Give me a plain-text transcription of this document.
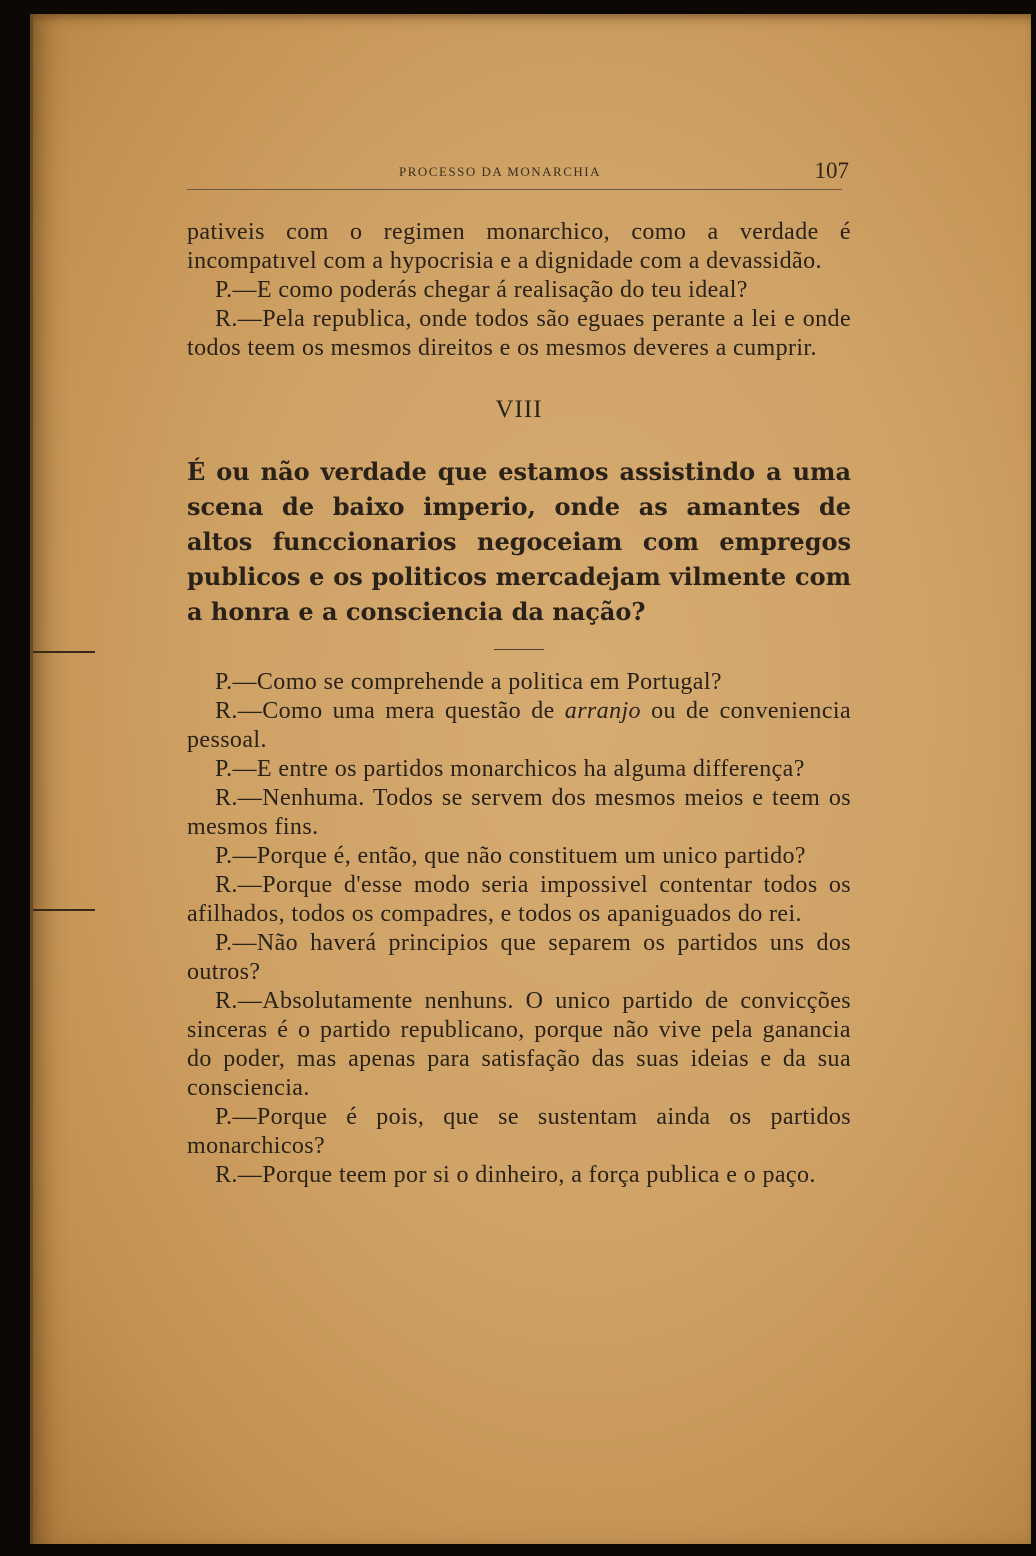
PROCESSO DA MONARCHIA	107

pativeis com o regimen monarchico, como a verdade é incompatıvel com a hypocrisia e a dignidade com a devassidão.

P.—E como poderás chegar á realisação do teu ideal?

R.—Pela republica, onde todos são eguaes perante a lei e onde todos teem os mesmos direitos e os mesmos deveres a cumprir.

VIII

É ou não verdade que estamos assistindo a uma scena de baixo imperio, onde as amantes de altos funccionarios negoceiam com empregos publicos e os politicos mercadejam vilmente com a honra e a consciencia da nação?

P.—Como se comprehende a politica em Portugal?

R.—Como uma mera questão de arranjo ou de conveniencia pessoal.

P.—E entre os partidos monarchicos ha alguma differença?

R.—Nenhuma. Todos se servem dos mesmos meios e teem os mesmos fins.

P.—Porque é, então, que não constituem um unico partido?

R.—Porque d'esse modo seria impossivel contentar todos os afilhados, todos os compadres, e todos os apaniguados do rei.

P.—Não haverá principios que separem os partidos uns dos outros?

R.—Absolutamente nenhuns. O unico partido de convicções sinceras é o partido republicano, porque não vive pela ganancia do poder, mas apenas para satisfação das suas ideias e da sua consciencia.

P.—Porque é pois, que se sustentam ainda os partidos monarchicos?

R.—Porque teem por si o dinheiro, a força publica e o paço.
